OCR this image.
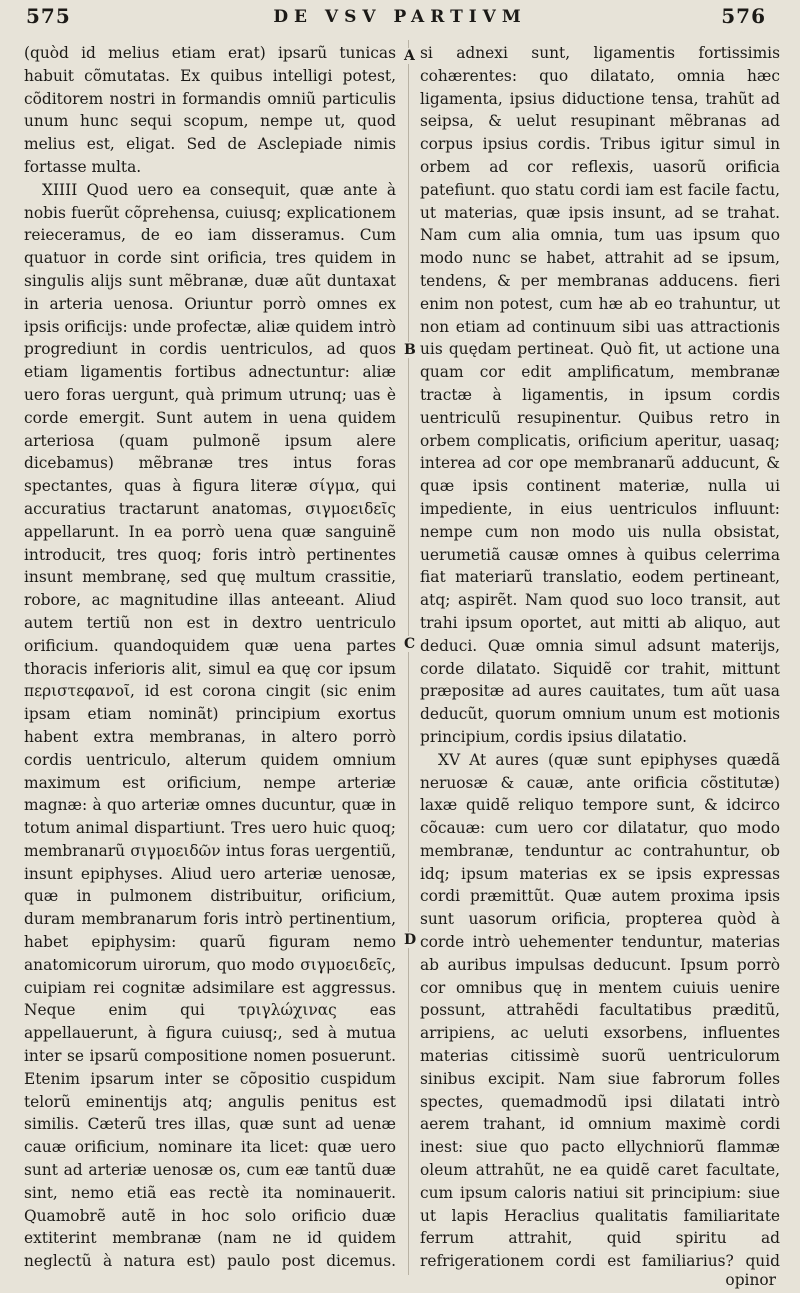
575	DE VSV PARTIVM	576
A
B
C
D

(quòd id melius etiam erat) ipsarũ tunicas habuit cõmutatas. Ex quibus intelligi potest, cõditorem nostri in formandis omniũ particulis unum hunc sequi scopum, nempe ut, quod melius est, eligat. Sed de Asclepiade nimis fortasse multa.

XIIII Quod uero ea consequit, quæ ante à nobis fuerũt cõprehensa, cuiusq; explicationem reieceramus, de eo iam disseramus. Cum quatuor in corde sint orificia, tres quidem in singulis alijs sunt mẽbranæ, duæ aũt duntaxat in arteria uenosa. Oriuntur porrò omnes ex ipsis orificijs: unde profectæ, aliæ quidem intrò progrediunt in cordis uentriculos, ad quos etiam ligamentis fortibus adnectuntur: aliæ uero foras uergunt, quà primum utrunq; uas è corde emergit. Sunt autem in uena quidem arteriosa (quam pulmonẽ ipsum alere dicebamus) mẽbranæ tres intus foras spectantes, quas à figura literæ σίγμα, qui accuratius tractarunt anatomas, σιγμοειδεῖς appellarunt. In ea porrò uena quæ sanguinẽ introducit, tres quoq; foris intrò pertinentes insunt membranę, sed quę multum crassitie, robore, ac magnitudine illas anteeant. Aliud autem tertiũ non est in dextro uentriculo orificium. quandoquidem quæ uena partes thoracis inferioris alit, simul ea quę cor ipsum περιστεφανοῖ, id est corona cingit (sic enim ipsam etiam nominãt) principium exortus habent extra membranas, in altero porrò cordis uentriculo, alterum quidem omnium maximum est orificium, nempe arteriæ magnæ: à quo arteriæ omnes ducuntur, quæ in totum animal dispartiunt. Tres uero huic quoq; membranarũ σιγμοειδῶν intus foras uergentiũ, insunt epiphyses. Aliud uero arteriæ uenosæ, quæ in pulmonem distribuitur, orificium, duram membranarum foris intrò pertinentium, habet epiphysim: quarũ figuram nemo anatomicorum uirorum, quo modo σιγμοειδεῖς, cuipiam rei cognitæ adsimilare est aggressus. Neque enim qui τριγλώχινας eas appellauerunt, à figura cuiusq;, sed à mutua inter se ipsarũ compositione nomen posuerunt. Etenim ipsarum inter se cõpositio cuspidum telorũ eminentijs atq; angulis penitus est similis. Cæterũ tres illas, quæ sunt ad uenæ cauæ orificium, nominare ita licet: quæ uero sunt ad arteriæ uenosæ os, cum eæ tantũ duæ sint, nemo etiã eas rectè ita nominauerit. Quamobrẽ autẽ in hoc solo orificio duæ extiterint membranæ (nam ne id quidem neglectũ à natura est) paulo post dicemus.

si adnexi sunt, ligamentis fortissimis cohærentes: quo dilatato, omnia hæc ligamenta, ipsius diductione tensa, trahũt ad seipsa, & uelut resupinant mẽbranas ad corpus ipsius cordis. Tribus igitur simul in orbem ad cor reflexis, uasorũ orificia patefiunt. quo statu cordi iam est facile factu, ut materias, quæ ipsis insunt, ad se trahat. Nam cum alia omnia, tum uas ipsum quo modo nunc se habet, attrahit ad se ipsum, tendens, & per membranas adducens. fieri enim non potest, cum hæ ab eo trahuntur, ut non etiam ad continuum sibi uas attractionis uis quędam pertineat. Quò fit, ut actione una quam cor edit amplificatum, membranæ tractæ à ligamentis, in ipsum cordis uentriculũ resupinentur. Quibus retro in orbem complicatis, orificium aperitur, uasaq; interea ad cor ope membranarũ adducunt, & quæ ipsis continent materiæ, nulla ui impediente, in eius uentriculos influunt: nempe cum non modo uis nulla obsistat, uerumetiã causæ omnes à quibus celerrima fiat materiarũ translatio, eodem pertineant, atq; aspirẽt. Nam quod suo loco transit, aut trahi ipsum oportet, aut mitti ab aliquo, aut deduci. Quæ omnia simul adsunt materijs, corde dilatato. Siquidẽ cor trahit, mittunt præpositæ ad aures cauitates, tum aũt uasa deducũt, quorum omnium unum est motionis principium, cordis ipsius dilatatio.

XV At aures (quæ sunt epiphyses quædã neruosæ & cauæ, ante orificia cõstitutæ) laxæ quidẽ reliquo tempore sunt, & idcirco cõcauæ: cum uero cor dilatatur, quo modo membranæ, tenduntur ac contrahuntur, ob idq; ipsum materias ex se ipsis expressas cordi præmittũt. Quæ autem proxima ipsis sunt uasorum orificia, propterea quòd à corde intrò uehementer tenduntur, materias ab auribus impulsas deducunt. Ipsum porrò cor omnibus quę in mentem cuiuis uenire possunt, attrahẽdi facultatibus præditũ, arripiens, ac ueluti exsorbens, influentes materias citissimè suorũ uentriculorum sinibus excipit. Nam siue fabrorum folles spectes, quemadmodũ ipsi dilatati intrò aerem trahant, id omnium maximè cordi inest: siue quo pacto ellychniorũ flammæ oleum attrahũt, ne ea quidẽ caret facultate, cum ipsum caloris natiui sit principium: siue ut lapis Heraclius qualitatis familiaritate ferrum attrahit, quid spiritu ad refrigerationem cordi est familiarius? quid

opinor
